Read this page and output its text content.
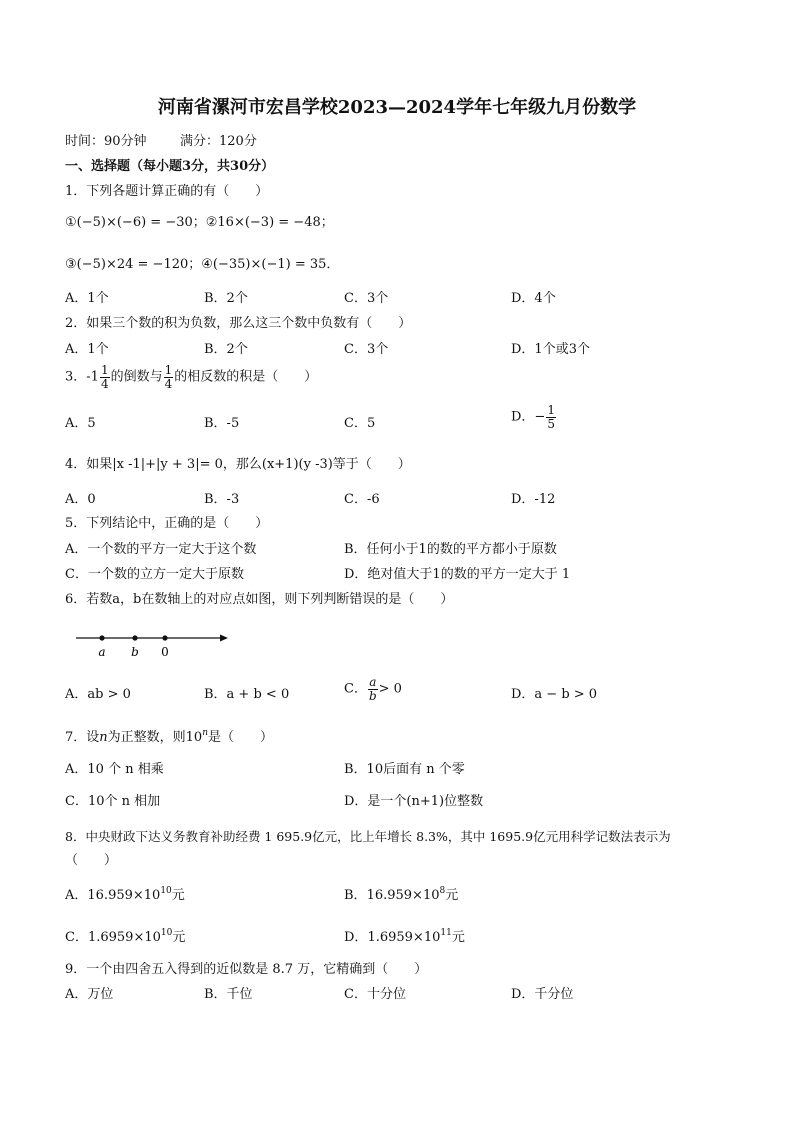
河南省漯河市宏昌学校2023—2024学年七年级九月份数学
时间：90分钟	满分：120分
一、选择题（每小题3分，共30分）
1．下列各题计算正确的有（　　）
①(−5)×(−6) = −30；②16×(−3) = −48；
③(−5)×24 = −120；④(−35)×(−1) = 35．
A．1个	B．2个	C．3个	D．4个
2．如果三个数的积为负数，那么这三个数中负数有（　　）
A．1个	B．2个	C．3个	D．1个或3个
3．$-1 \frac{1}{4}$ 的倒数与 $\frac{1}{4}$ 的相反数的积是（　　）
A．5	B．-5	C．5	D．− $\frac{1}{5}$
4．如果|x -1|+|y + 3|= 0，那么(x+1)(y -3)等于（　　）
A．0	B．-3	C．-6	D．-12
5．下列结论中，正确的是（　　）
A．一个数的平方一定大于这个数	B．任何小于1的数的平方都小于原数
C．一个数的立方一定大于原数	D．绝对值大于1的数的平方一定大于 1
6．若数a，b在数轴上的对应点如图，则下列判断错误的是（　　）
a b 0
A．ab > 0	B．a + b < 0	C． $\frac{a}{b} > 0$	D．a − b > 0
7．设n为正整数，则10$^n$是（　　）
A．10 个 n 相乘	B．10后面有 n 个零
C．10个 n 相加	D．是一个(n+1)位整数
8．中央财政下达义务教育补助经费 1 695.9亿元，比上年增长 8.3%，其中 1695.9亿元用科学记数法表示为
（　　）
A．$16.959\times 10^{10}$元	B．$16.959\times 10^8$元
C．$1.6959\times 10^{10}$元	D．$1.6959\times 10^{11}$元
9．一个由四舍五入得到的近似数是 8.7 万，它精确到（　　）
A．万位	B．千位	C．十分位	D．千分位
